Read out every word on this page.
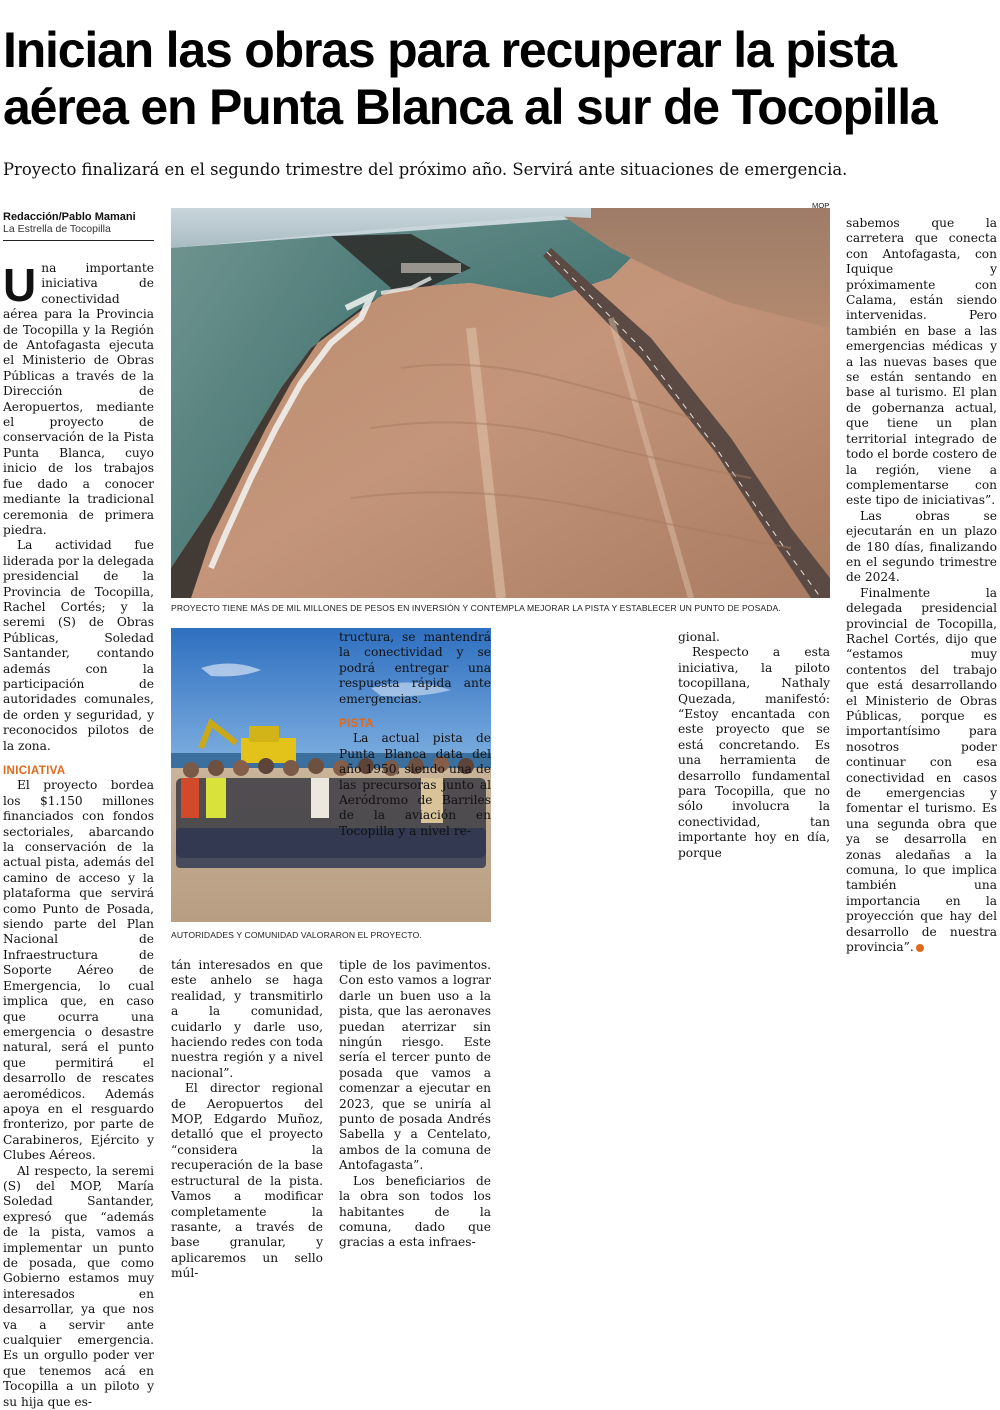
Inician las obras para recuperar la pista aérea en Punta Blanca al sur de Tocopilla

Proyecto finalizará en el segundo trimestre del próximo año. Servirá ante situaciones de emergencia.

Redacción/Pablo Mamani
La Estrella de Tocopilla

Una importante iniciativa de conectividad aérea para la Provincia de Tocopilla y la Región de Antofagasta ejecuta el Ministerio de Obras Públicas a través de la Dirección de Aeropuertos, mediante el proyecto de conservación de la Pista Punta Blanca, cuyo inicio de los trabajos fue dado a conocer mediante la tradicional ceremonia de primera piedra.

La actividad fue liderada por la delegada presidencial de la Provincia de Tocopilla, Rachel Cortés; y la seremi (S) de Obras Públicas, Soledad Santander, contando además con la participación de autoridades comunales, de orden y seguridad, y reconocidos pilotos de la zona.

INICIATIVA

El proyecto bordea los $1.150 millones financiados con fondos sectoriales, abarcando la conservación de la actual pista, además del camino de acceso y la plataforma que servirá como Punto de Posada, siendo parte del Plan Nacional de Infraestructura de Soporte Aéreo de Emergencia, lo cual implica que, en caso que ocurra una emergencia o desastre natural, será el punto que permitirá el desarrollo de rescates aeromédicos. Además apoya en el resguardo fronterizo, por parte de Carabineros, Ejército y Clubes Aéreos.

Al respecto, la seremi (S) del MOP, María Soledad Santander, expresó que “además de la pista, vamos a implementar un punto de posada, que como Gobierno estamos muy interesados en desarrollar, ya que nos va a servir ante cualquier emergencia. Es un orgullo poder ver que tenemos acá en Tocopilla a un piloto y su hija que es-

MOP
PROYECTO TIENE MÁS DE MIL MILLONES DE PESOS EN INVERSIÓN Y CONTEMPLA MEJORAR LA PISTA Y ESTABLECER UN PUNTO DE POSADA.
AUTORIDADES Y COMUNIDAD VALORARON EL PROYECTO.

tán interesados en que este anhelo se haga realidad, y transmitirlo a la comunidad, cuidarlo y darle uso, haciendo redes con toda nuestra región y a nivel nacional”.

El director regional de Aeropuertos del MOP, Edgardo Muñoz, detalló que el proyecto “considera la recuperación de la base estructural de la pista. Vamos a modificar completamente la rasante, a través de base granular, y aplicaremos un sello múl-

tructura, se mantendrá la conectividad y se podrá entregar una respuesta rápida ante emergencias.

PISTA

La actual pista de Punta Blanca data del año 1950, siendo una de las precursoras junto al Aeródromo de Barriles de la aviación en Tocopilla y a nivel re-

tiple de los pavimentos. Con esto vamos a lograr darle un buen uso a la pista, que las aeronaves puedan aterrizar sin ningún riesgo. Este sería el tercer punto de posada que vamos a comenzar a ejecutar en 2023, que se uniría al punto de posada Andrés Sabella y a Centelato, ambos de la comuna de Antofagasta”.

Los beneficiarios de la obra son todos los habitantes de la comuna, dado que gracias a esta infraes-

gional.

Respecto a esta iniciativa, la piloto tocopillana, Nathaly Quezada, manifestó: “Estoy encantada con este proyecto que se está concretando. Es una herramienta de desarrollo fundamental para Tocopilla, que no sólo involucra la conectividad, tan importante hoy en día, porque

sabemos que la carretera que conecta con Antofagasta, con Iquique y próximamente con Calama, están siendo intervenidas. Pero también en base a las emergencias médicas y a las nuevas bases que se están sentando en base al turismo. El plan de gobernanza actual, que tiene un plan territorial integrado de todo el borde costero de la región, viene a complementarse con este tipo de iniciativas”.

Las obras se ejecutarán en un plazo de 180 días, finalizando en el segundo trimestre de 2024.

Finalmente la delegada presidencial provincial de Tocopilla, Rachel Cortés, dijo que “estamos muy contentos del trabajo que está desarrollando el Ministerio de Obras Públicas, porque es importantísimo para nosotros poder continuar con esa conectividad en casos de emergencias y fomentar el turismo. Es una segunda obra que ya se desarrolla en zonas aledañas a la comuna, lo que implica también una importancia en la proyección que hay del desarrollo de nuestra provincia”.
